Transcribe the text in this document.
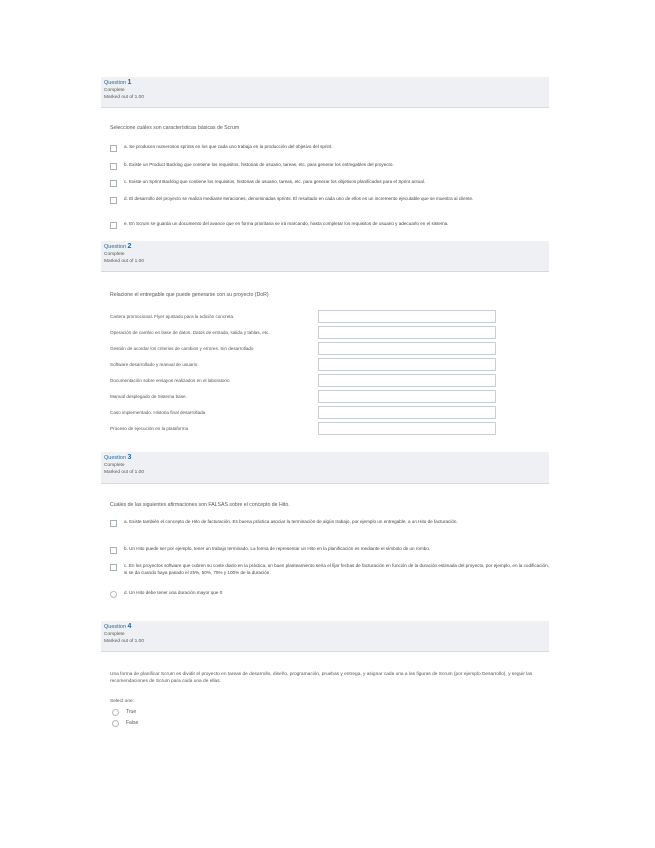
Question 1
Complete
Marked out of 1.00
Seleccione cuáles son características básicas de Scrum
a. Se producen numerosos sprints en los que cada uno trabaja en la producción del objetivo del sprint.
b. Existe un Product Backlog que contiene los requisitos, historias de usuario, tareas, etc. para generar los entregables del proyecto.
c. Existe un Sprint Backlog que contiene los requisitos, historias de usuario, tareas, etc. para generar los objetivos planificados para el Sprint actual.
d. El desarrollo del proyecto se realiza mediante iteraciones, denominadas sprints. El resultado en cada uno de ellos es un incremento ejecutable que se muestra al cliente.
e. En Scrum se guarda un documento del avance que en forma prioritaria se irá marcando, hasta completar los requisitos de usuario y adecuarlo en el sistema.
Question 2
Complete
Marked out of 1.00
Relacione el entregable que puede generarse con su proyecto (DoR)
Cartera promocional. Flyer ajustado para la edición concreta.
Operación de cambio en base de datos. Datos de entrada, salida y tablas, etc.
Gestión de acordar los criterios de cambios y errores. Sin desarrollado
Software desarrollado y manual de usuario.
Documentación sobre ensayos realizados en el laboratorio
Manual desplegado de Sistema base.
Caso implementado. Historia final desarrollada.
Proceso de ejecución en la plataforma
Question 3
Complete
Marked out of 1.00
Cuáles de las siguientes afirmaciones son FALSAS sobre el concepto de Hito.
a. Existe también el concepto de Hito de facturación. Es buena práctica asociar la terminación de algún trabajo, por ejemplo un entregable, a un Hito de facturación.
b. Un Hito puede ser por ejemplo, tener un trabajo terminado. La forma de representar un Hito en la planificación es mediante el símbolo de un rombo.
c. En los proyectos software que cubren su coste diario en la práctica, un buen planteamiento sería el fijar fechas de facturación en función de la duración estimada del proyecto, por ejemplo, en la codificación, si se da cuando haya pasado el 25%, 50%, 75% y 100% de la duración.
d. Un Hito debe tener una duración mayor que 0
Question 4
Complete
Marked out of 1.00
Una forma de planificar Scrum es dividir el proyecto en tareas de desarrollo, diseño, programación, pruebas y entrega, y asignar cada una a las figuras de Scrum (por ejemplo Desarrollo), y seguir las recomendaciones de Scrum para cada una de ellas.
Select one:
True
False
